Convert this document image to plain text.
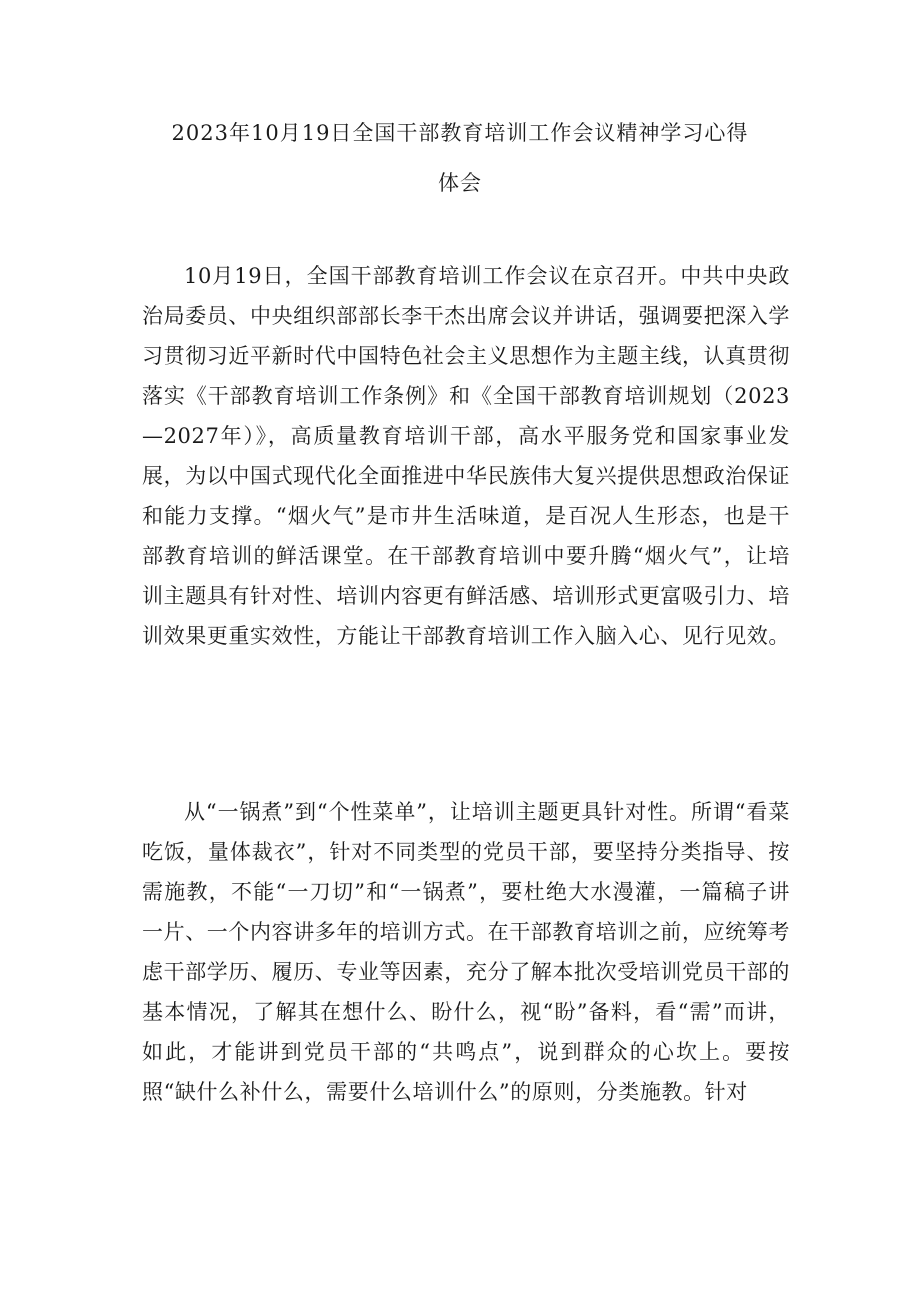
2023年10月19日全国干部教育培训工作会议精神学习心得
体会

10月19日，全国干部教育培训工作会议在京召开。中共中央政治局委员、中央组织部部长李干杰出席会议并讲话，强调要把深入学习贯彻习近平新时代中国特色社会主义思想作为主题主线，认真贯彻落实《干部教育培训工作条例》和《全国干部教育培训规划（2023—2027年）》，高质量教育培训干部，高水平服务党和国家事业发展，为以中国式现代化全面推进中华民族伟大复兴提供思想政治保证和能力支撑。“烟火气”是市井生活味道，是百况人生形态，也是干部教育培训的鲜活课堂。在干部教育培训中要升腾“烟火气”，让培训主题具有针对性、培训内容更有鲜活感、培训形式更富吸引力、培训效果更重实效性，方能让干部教育培训工作入脑入心、见行见效。

从“一锅煮”到“个性菜单”，让培训主题更具针对性。所谓“看菜吃饭，量体裁衣”，针对不同类型的党员干部，要坚持分类指导、按需施教，不能“一刀切”和“一锅煮”，要杜绝大水漫灌，一篇稿子讲一片、一个内容讲多年的培训方式。在干部教育培训之前，应统筹考虑干部学历、履历、专业等因素，充分了解本批次受培训党员干部的基本情况，了解其在想什么、盼什么，视“盼”备料，看“需”而讲，如此，才能讲到党员干部的“共鸣点”，说到群众的心坎上。要按照“缺什么补什么，需要什么培训什么”的原则，分类施教。针对
